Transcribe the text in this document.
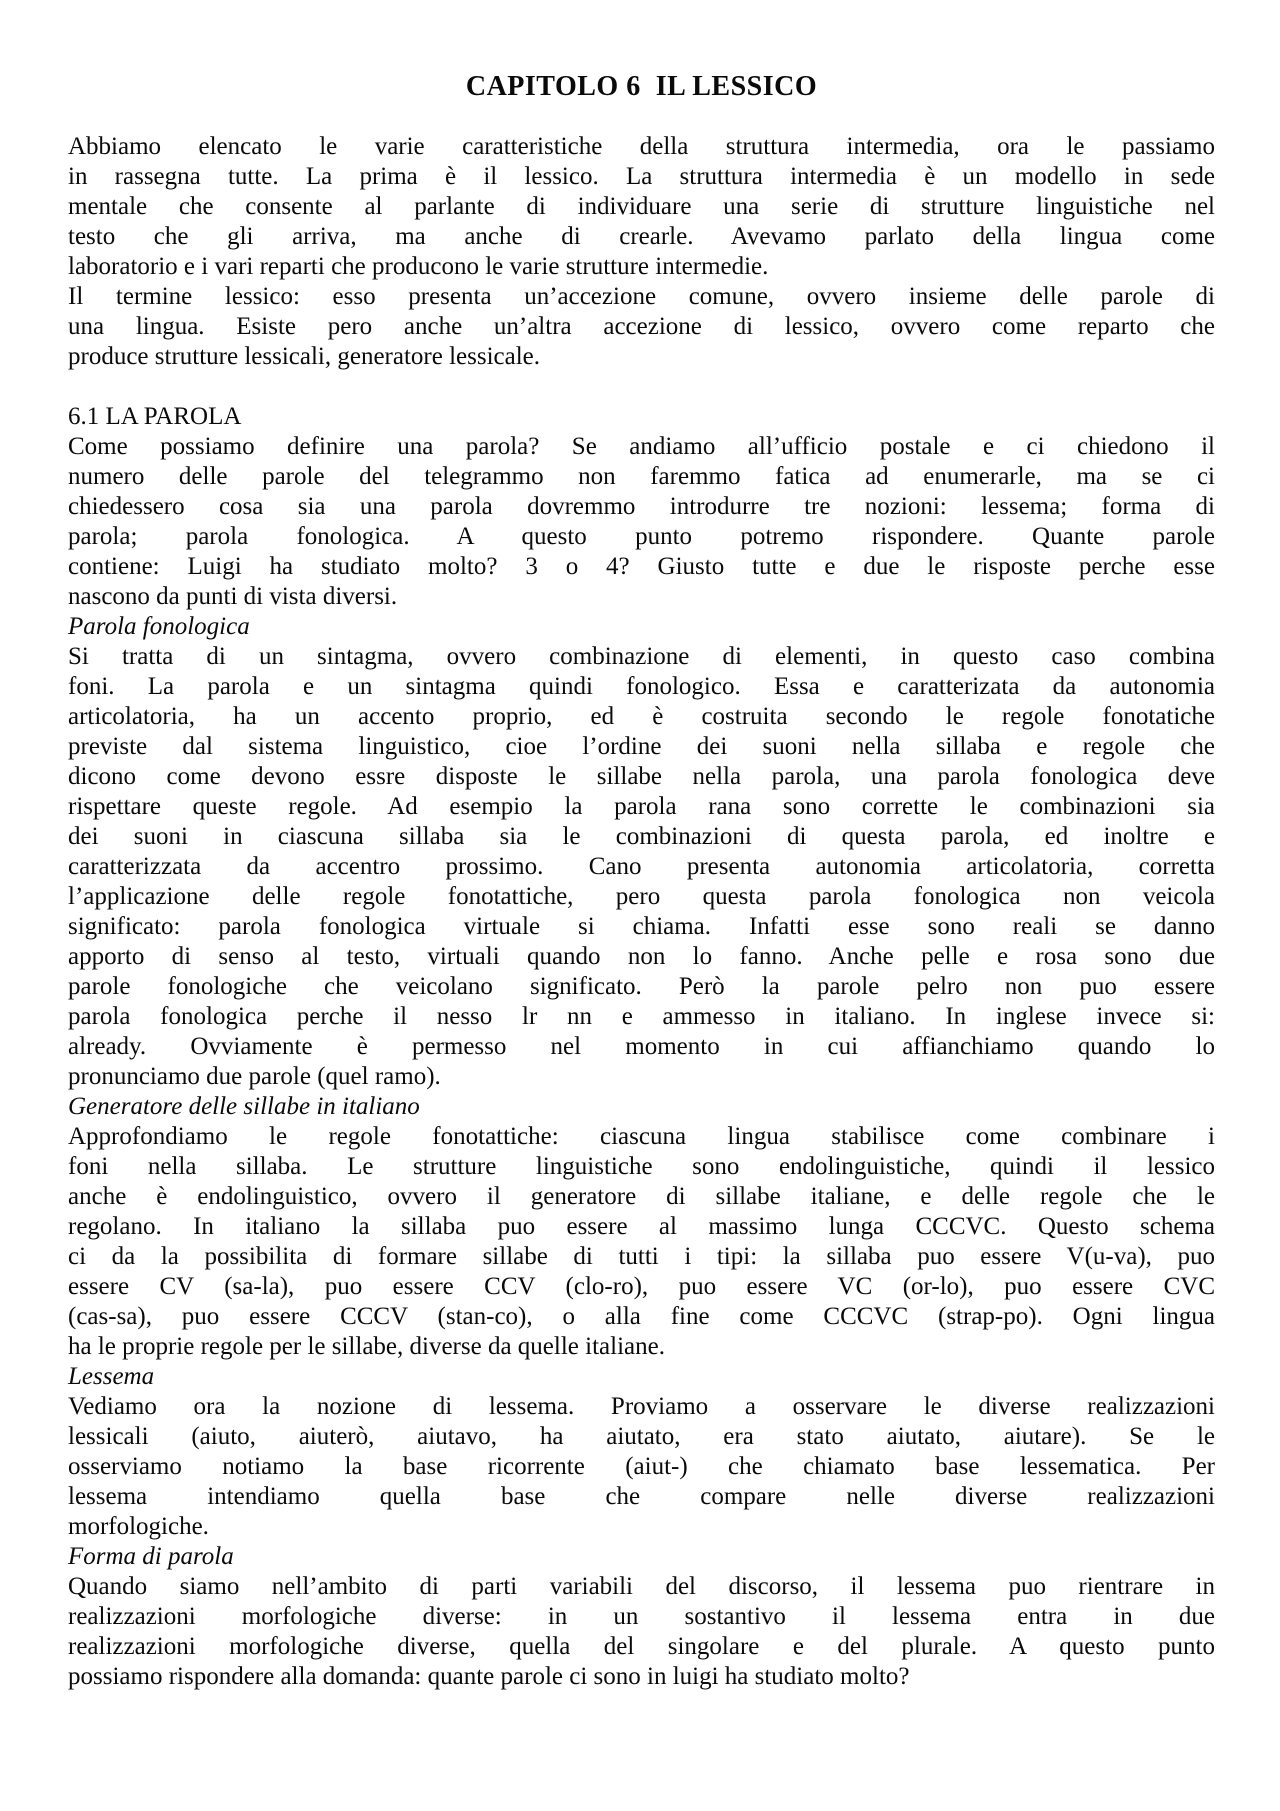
CAPITOLO 6  IL LESSICO
Abbiamo elencato le varie caratteristiche della struttura intermedia, ora le passiamo
in rassegna tutte. La prima è il lessico. La struttura intermedia è un modello in sede
mentale che consente al parlante di individuare una serie di strutture linguistiche nel
testo che gli arriva, ma anche di crearle. Avevamo parlato della lingua come
laboratorio e i vari reparti che producono le varie strutture intermedie.
Il termine lessico: esso presenta un’accezione comune, ovvero insieme delle parole di
una lingua. Esiste pero anche un’altra accezione di lessico, ovvero come reparto che
produce strutture lessicali, generatore lessicale.
6.1 LA PAROLA
Come possiamo definire una parola? Se andiamo all’ufficio postale e ci chiedono il
numero delle parole del telegrammo non faremmo fatica ad enumerarle, ma se ci
chiedessero cosa sia una parola dovremmo introdurre tre nozioni: lessema; forma di
parola; parola fonologica. A questo punto potremo rispondere. Quante parole
contiene: Luigi ha studiato molto? 3 o 4? Giusto tutte e due le risposte perche esse
nascono da punti di vista diversi.
Parola fonologica
Si tratta di un sintagma, ovvero combinazione di elementi, in questo caso combina
foni. La parola e un sintagma quindi fonologico. Essa e caratterizata da autonomia
articolatoria, ha un accento proprio, ed è costruita secondo le regole fonotatiche
previste dal sistema linguistico, cioe l’ordine dei suoni nella sillaba e regole che
dicono come devono essre disposte le sillabe nella parola, una parola fonologica deve
rispettare queste regole. Ad esempio la parola rana sono corrette le combinazioni sia
dei suoni in ciascuna sillaba sia le combinazioni di questa parola, ed inoltre e
caratterizzata da accentro prossimo. Cano presenta autonomia articolatoria, corretta
l’applicazione delle regole fonotattiche, pero questa parola fonologica non veicola
significato: parola fonologica virtuale si chiama. Infatti esse sono reali se danno
apporto di senso al testo, virtuali quando non lo fanno. Anche pelle e rosa sono due
parole fonologiche che veicolano significato. Però la parole pelro non puo essere
parola fonologica perche il nesso lr nn e ammesso in italiano. In inglese invece si:
already. Ovviamente è permesso nel momento in cui affianchiamo quando lo
pronunciamo due parole (quel ramo).
Generatore delle sillabe in italiano
Approfondiamo le regole fonotattiche: ciascuna lingua stabilisce come combinare i
foni nella sillaba. Le strutture linguistiche sono endolinguistiche, quindi il lessico
anche è endolinguistico, ovvero il generatore di sillabe italiane, e delle regole che le
regolano. In italiano la sillaba puo essere al massimo lunga CCCVC. Questo schema
ci da la possibilita di formare sillabe di tutti i tipi: la sillaba puo essere V(u-va), puo
essere CV (sa-la), puo essere CCV (clo-ro), puo essere VC (or-lo), puo essere CVC
(cas-sa), puo essere CCCV (stan-co), o alla fine come CCCVC (strap-po). Ogni lingua
ha le proprie regole per le sillabe, diverse da quelle italiane.
Lessema
Vediamo ora la nozione di lessema. Proviamo a osservare le diverse realizzazioni
lessicali (aiuto, aiuterò, aiutavo, ha aiutato, era stato aiutato, aiutare). Se le
osserviamo notiamo la base ricorrente (aiut-) che chiamato base lessematica. Per
lessema intendiamo quella base che compare nelle diverse realizzazioni
morfologiche.
Forma di parola
Quando siamo nell’ambito di parti variabili del discorso, il lessema puo rientrare in
realizzazioni morfologiche diverse: in un sostantivo il lessema entra in due
realizzazioni morfologiche diverse, quella del singolare e del plurale. A questo punto
possiamo rispondere alla domanda: quante parole ci sono in luigi ha studiato molto?
